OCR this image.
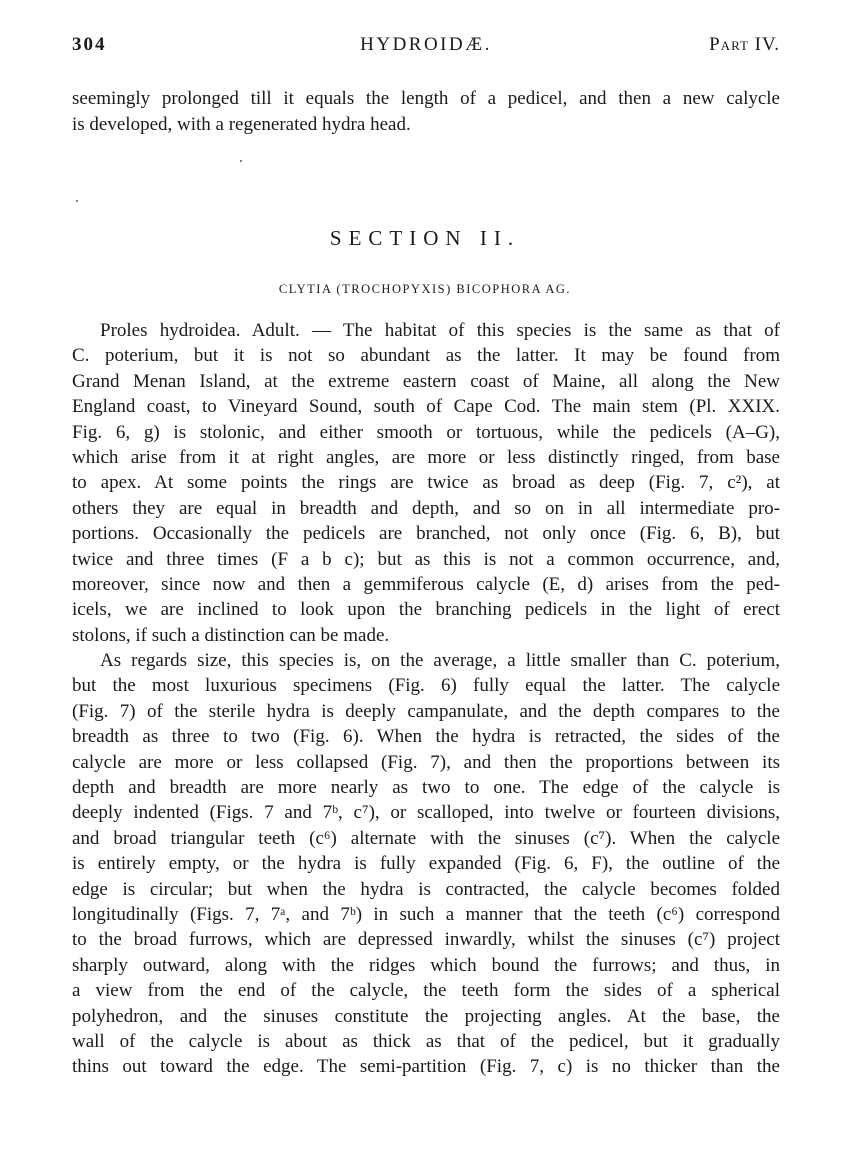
304	HYDROIDÆ.	Part IV.
seemingly prolonged till it equals the length of a pedicel, and then a new calycle
is developed, with a regenerated hydra head.
SECTION II.
CLYTIA (TROCHOPYXIS) BICOPHORA AG.
Proles hydroidea. Adult. — The habitat of this species is the same as that of
C. poterium, but it is not so abundant as the latter. It may be found from
Grand Menan Island, at the extreme eastern coast of Maine, all along the New
England coast, to Vineyard Sound, south of Cape Cod. The main stem (Pl. XXIX.
Fig. 6, g) is stolonic, and either smooth or tortuous, while the pedicels (A–G),
which arise from it at right angles, are more or less distinctly ringed, from base
to apex. At some points the rings are twice as broad as deep (Fig. 7, c²), at
others they are equal in breadth and depth, and so on in all intermediate pro-
portions. Occasionally the pedicels are branched, not only once (Fig. 6, B), but
twice and three times (F a b c); but as this is not a common occurrence, and,
moreover, since now and then a gemmiferous calycle (E, d) arises from the ped-
icels, we are inclined to look upon the branching pedicels in the light of erect
stolons, if such a distinction can be made.
As regards size, this species is, on the average, a little smaller than C. poterium,
but the most luxurious specimens (Fig. 6) fully equal the latter. The calycle
(Fig. 7) of the sterile hydra is deeply campanulate, and the depth compares to the
breadth as three to two (Fig. 6). When the hydra is retracted, the sides of the
calycle are more or less collapsed (Fig. 7), and then the proportions between its
depth and breadth are more nearly as two to one. The edge of the calycle is
deeply indented (Figs. 7 and 7ᵇ, c⁷), or scalloped, into twelve or fourteen divisions,
and broad triangular teeth (c⁶) alternate with the sinuses (c⁷). When the calycle
is entirely empty, or the hydra is fully expanded (Fig. 6, F), the outline of the
edge is circular; but when the hydra is contracted, the calycle becomes folded
longitudinally (Figs. 7, 7ᵃ, and 7ᵇ) in such a manner that the teeth (c⁶) correspond
to the broad furrows, which are depressed inwardly, whilst the sinuses (c⁷) project
sharply outward, along with the ridges which bound the furrows; and thus, in
a view from the end of the calycle, the teeth form the sides of a spherical
polyhedron, and the sinuses constitute the projecting angles. At the base, the
wall of the calycle is about as thick as that of the pedicel, but it gradually
thins out toward the edge. The semi-partition (Fig. 7, c) is no thicker than the
